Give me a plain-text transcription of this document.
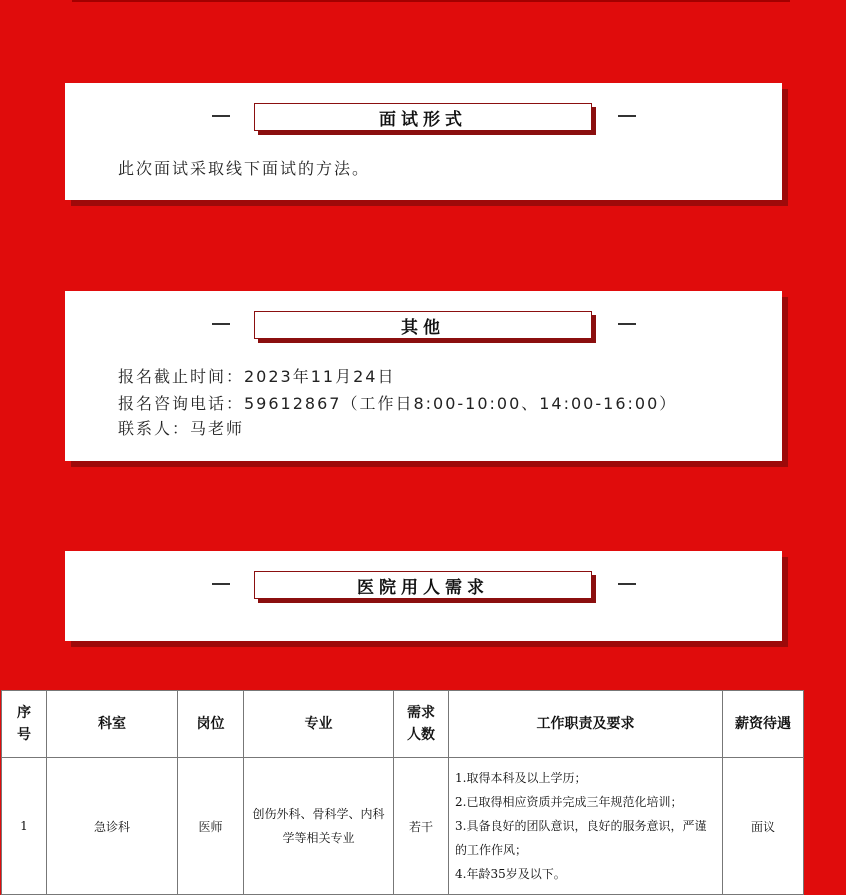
面试形式
此次面试采取线下面试的方法。
其他
报名截止时间：2023年11月24日
报名咨询电话：59612867（工作日8:00-10:00、14:00-16:00）
联系人：马老师
医院用人需求
序号	科室	岗位	专业	需求人数	工作职责及要求	薪资待遇
1	急诊科	医师	创伤外科、骨科学、内科学等相关专业	若干	1.取得本科及以上学历；
2.已取得相应资质并完成三年规范化培训；
3.具备良好的团队意识，良好的服务意识，严谨
的工作作风；
4.年龄35岁及以下。	面议
